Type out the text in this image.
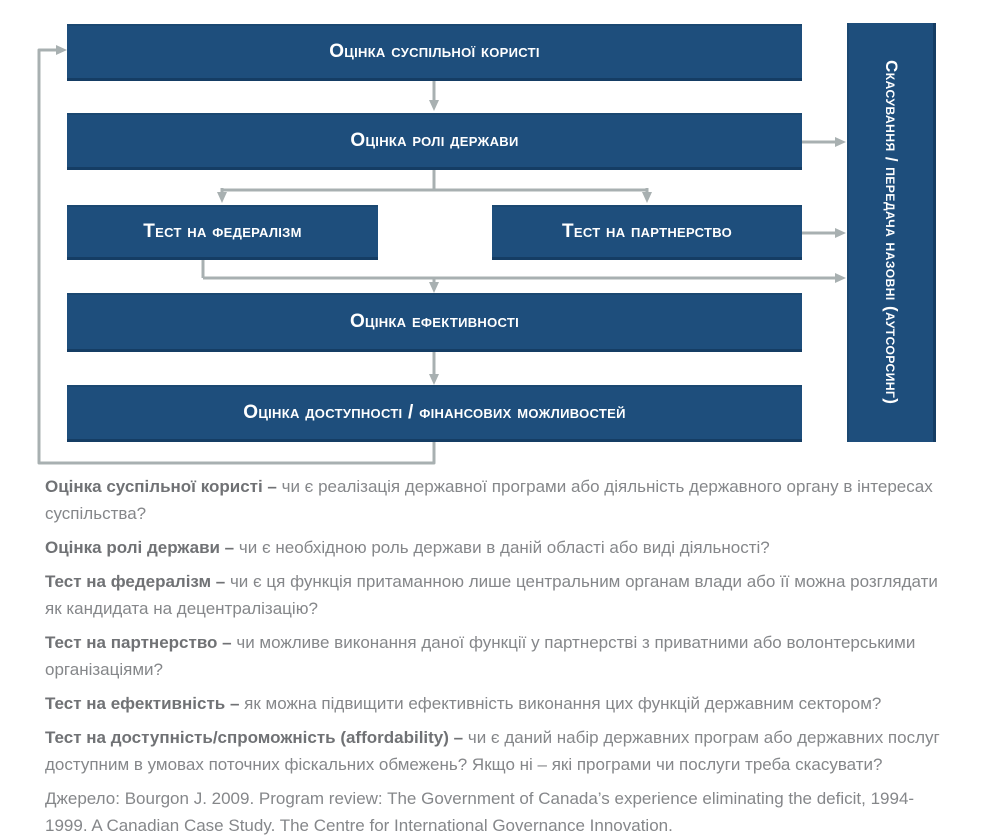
Оцінка суспільної користі
Оцінка ролі держави
Тест на федералізм	Тест на партнерство
Оцінка ефективності
Оцінка доступності / фінансових можливостей
Скасування / передача назовні (аутсорсинг)

Оцінка суспільної користі – чи є реалізація державної програми або діяльність державного органу в інтересах суспільства?

Оцінка ролі держави – чи є необхідною роль держави в даній області або виді діяльності?

Тест на федералізм – чи є ця функція притаманною лише центральним органам влади або її можна розглядати як кандидата на децентралізацію?

Тест на партнерство – чи можливе виконання даної функції у партнерстві з приватними або волонтерськими організаціями?

Тест на ефективність – як можна підвищити ефективність виконання цих функцій державним сектором?

Тест на доступність/спроможність (affordability) – чи є даний набір державних програм або державних послуг доступним в умовах поточних фіскальних обмежень? Якщо ні – які програми чи послуги треба скасувати?

Джерело: Bourgon J. 2009. Program review: The Government of Canada’s experience eliminating the deficit, 1994-1999. A Canadian Case Study. The Centre for International Governance Innovation.
